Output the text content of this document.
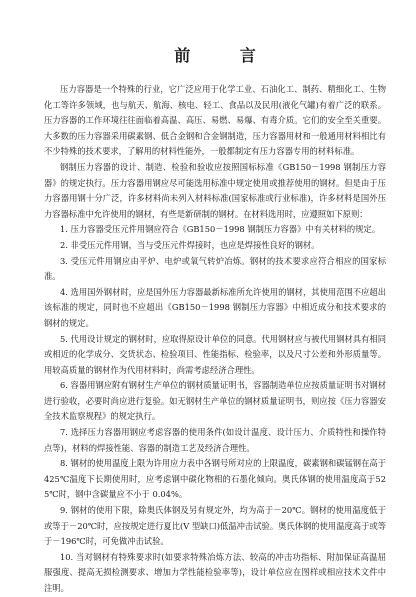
前 言

压力容器是一个特殊的行业，它广泛应用于化学工业、石油化工、制药、精细化工、生物化工等许多领域，也与航天、航海、核电、轻工、食品以及民用(液化气罐)有着广泛的联系。压力容器的工作环境往往面临着高温、高压、易燃、易爆、有毒介质。它们的安全至关重要。大多数的压力容器采用碳素钢、低合金钢和合金钢制造，压力容器用材和一般通用材料相比有不少特殊的技术要求，了解用的材料性能外，一般都制定有压力容器专用的材料标准。

钢制压力容器的设计、制造、检验和验收应按照国标标准《GB150－1998 钢制压力容器》的规定执行。压力容器用钢应尽可能选用标准中规定使用或推荐使用的钢材。但是由于压力容器用钢十分广泛，许多材料尚未列入材料标准(国家标准或行业标准)，许多材料是国外压力容器标准中允许使用的钢材，有些是新研制的钢材。在材料选用时，应遵照如下原则：

1. 压力容器受压元件用钢应符合《GB150－1998 钢制压力容器》中有关材料的规定。

2. 非受压元件用钢，当与受压元件焊接时，也应是焊接性良好的钢材。

3. 受压元件用钢应由平炉、电炉或氧气转炉冶炼。钢材的技术要求应符合相应的国家标准。

4. 选用国外钢材时，应是国外压力容器最新标准所允许使用的钢材，其使用范围不应超出该标准的规定，同时也不应超出《GB150－1998 钢制压力容器》中相近成分和技术要求的钢材的规定。

5. 代用设计规定的钢材时，应取得原设计单位的同意。代用钢材应与被代用钢材具有相同或相近的化学成分、交货状态、检验项目、性能指标、检验率，以及尺寸公差和外形质量等。用较高质量的钢材作为代用材料时，尚需考虑经济合理性。

6. 容器用钢应附有钢材生产单位的钢材质量证明书，容器制造单位应按质量证明书对钢材进行验收，必要时尚应进行复验。如无钢材生产单位的钢材质量证明书，则应按《压力容器安全技术监察规程》的规定执行。

7. 选择压力容器用钢应考虑容器的使用条件(如设计温度、设计压力、介质特性和操作特点等)，材料的焊接性能、容器的制造工艺及经济合理性。

8. 钢材的使用温度上限为许用应力表中各钢号所对应的上限温度，碳素钢和碳锰钢在高于 425℃温度下长期使用时，应考虑钢中碳化物相的石墨化倾向。奥氏体钢的使用温度高于525℃时，钢中含碳量应不小于 0.04%。

9. 钢材的使用下限，除奥氏体钢及另有规定外，均为高于－20℃。钢材的使用温度低于或等于－20℃时，应按规定进行夏比(V 型缺口)低温冲击试验。奥氏体钢的使用温度高于或等于－196℃时，可免做冲击试验。

10. 当对钢材有特殊要求时(如要求特殊冶炼方法、较高的冲击功指标、附加保证高温屈服强度、提高无损检测要求、增加力学性能检验率等)，设计单位应在图样或相应技术文件中注明。
